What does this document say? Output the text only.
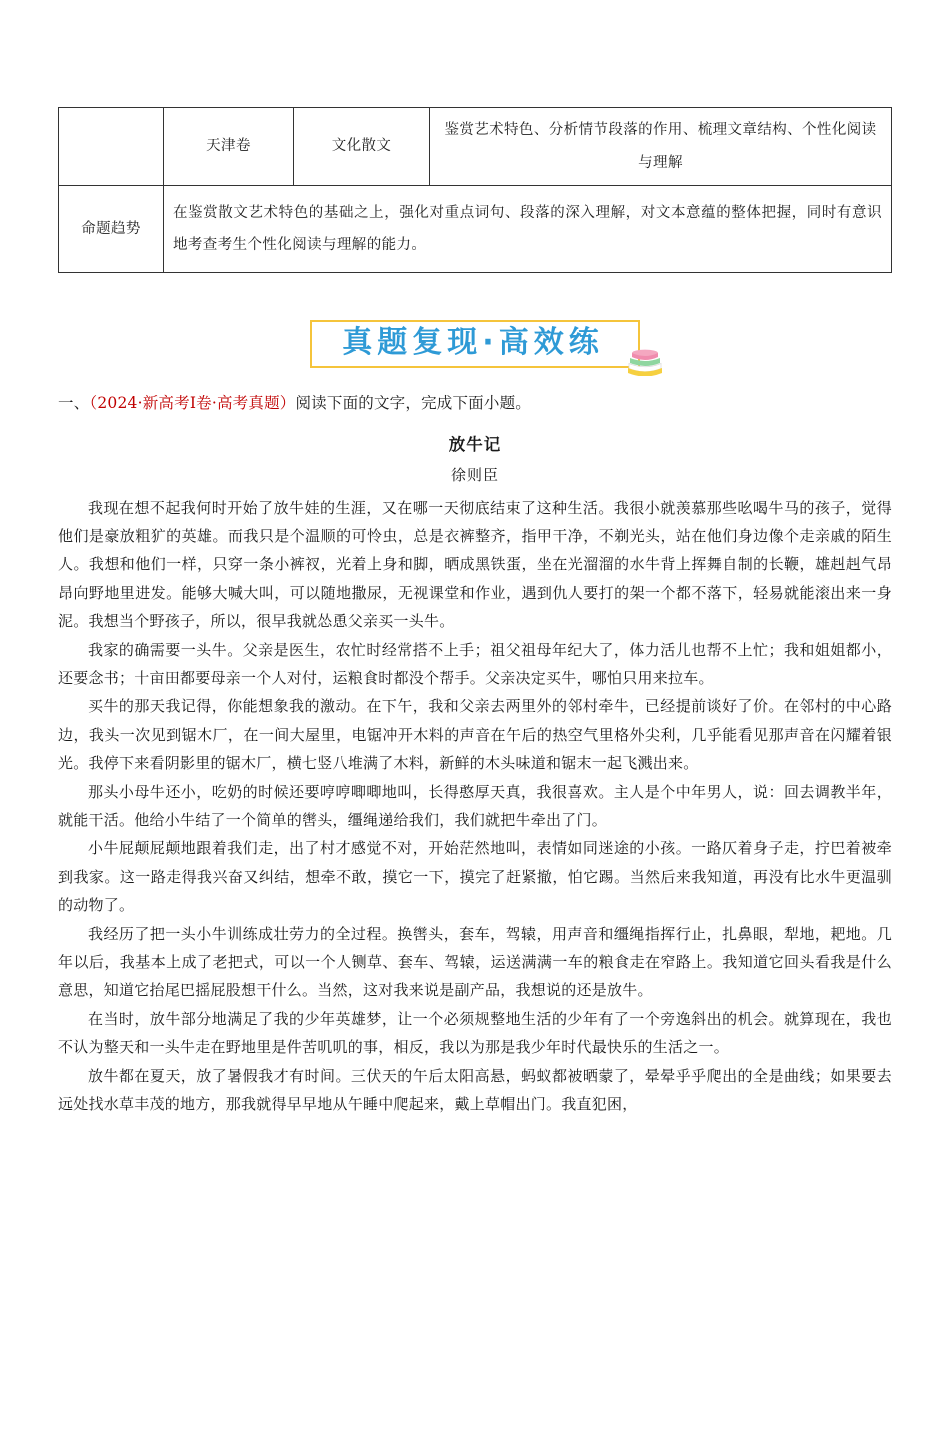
	天津卷	文化散文	鉴赏艺术特色、分析情节段落的作用、梳理文章结构、个性化阅读与理解
命题趋势	在鉴赏散文艺术特色的基础之上，强化对重点词句、段落的深入理解，对文本意蕴的整体把握，同时有意识地考查考生个性化阅读与理解的能力。		
真题复现·高效练
一、（2024·新高考Ⅰ卷·高考真题）阅读下面的文字，完成下面小题。
放牛记
徐则臣

我现在想不起我何时开始了放牛娃的生涯，又在哪一天彻底结束了这种生活。我很小就羡慕那些吆喝牛马的孩子，觉得他们是豪放粗犷的英雄。而我只是个温顺的可怜虫，总是衣裤整齐，指甲干净，不剃光头，站在他们身边像个走亲戚的陌生人。我想和他们一样，只穿一条小裤衩，光着上身和脚，晒成黑铁蛋，坐在光溜溜的水牛背上挥舞自制的长鞭，雄赳赳气昂昂向野地里进发。能够大喊大叫，可以随地撒尿，无视课堂和作业，遇到仇人要打的架一个都不落下，轻易就能滚出来一身泥。我想当个野孩子，所以，很早我就怂恿父亲买一头牛。

我家的确需要一头牛。父亲是医生，农忙时经常搭不上手；祖父祖母年纪大了，体力活儿也帮不上忙；我和姐姐都小，还要念书；十亩田都要母亲一个人对付，运粮食时都没个帮手。父亲决定买牛，哪怕只用来拉车。

买牛的那天我记得，你能想象我的激动。在下午，我和父亲去两里外的邻村牵牛，已经提前谈好了价。在邻村的中心路边，我头一次见到锯木厂，在一间大屋里，电锯冲开木料的声音在午后的热空气里格外尖利，几乎能看见那声音在闪耀着银光。我停下来看阴影里的锯木厂，横七竖八堆满了木料，新鲜的木头味道和锯末一起飞溅出来。

那头小母牛还小，吃奶的时候还要哼哼唧唧地叫，长得憨厚天真，我很喜欢。主人是个中年男人，说：回去调教半年，就能干活。他给小牛结了一个简单的辔头，缰绳递给我们，我们就把牛牵出了门。

小牛屁颠屁颠地跟着我们走，出了村才感觉不对，开始茫然地叫，表情如同迷途的小孩。一路仄着身子走，拧巴着被牵到我家。这一路走得我兴奋又纠结，想牵不敢，摸它一下，摸完了赶紧撤，怕它踢。当然后来我知道，再没有比水牛更温驯的动物了。

我经历了把一头小牛训练成壮劳力的全过程。换辔头，套车，驾辕，用声音和缰绳指挥行止，扎鼻眼，犁地，耙地。几年以后，我基本上成了老把式，可以一个人铡草、套车、驾辕，运送满满一车的粮食走在窄路上。我知道它回头看我是什么意思，知道它抬尾巴摇屁股想干什么。当然，这对我来说是副产品，我想说的还是放牛。

在当时，放牛部分地满足了我的少年英雄梦，让一个必须规整地生活的少年有了一个旁逸斜出的机会。就算现在，我也不认为整天和一头牛走在野地里是件苦叽叽的事，相反，我以为那是我少年时代最快乐的生活之一。

放牛都在夏天，放了暑假我才有时间。三伏天的午后太阳高悬，蚂蚁都被晒蒙了，晕晕乎乎爬出的全是曲线；如果要去远处找水草丰茂的地方，那我就得早早地从午睡中爬起来，戴上草帽出门。我直犯困，
